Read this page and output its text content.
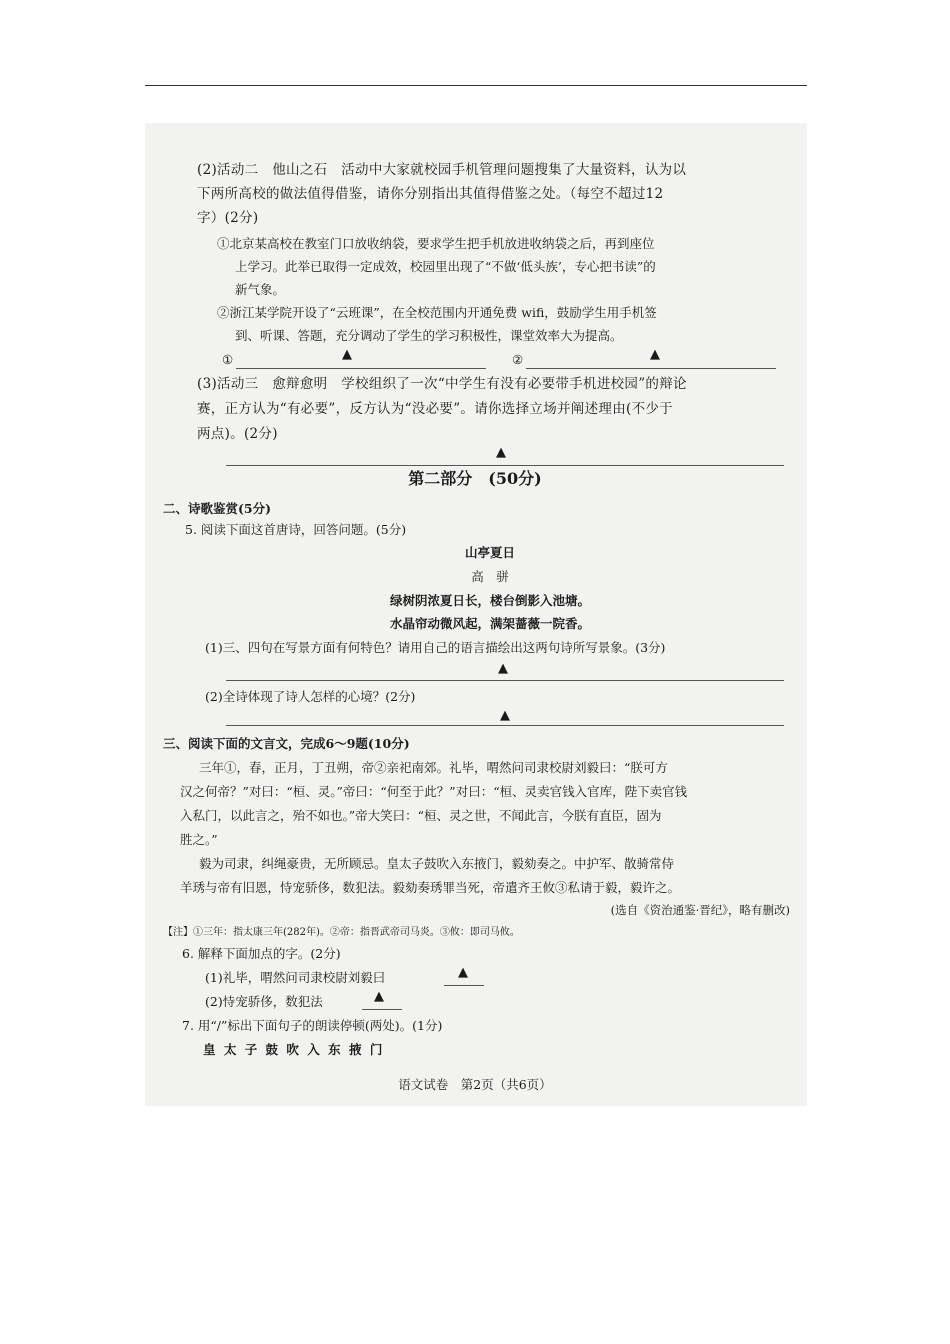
(2)活动二　他山之石　活动中大家就校园手机管理问题搜集了大量资料，认为以
下两所高校的做法值得借鉴，请你分别指出其值得借鉴之处。（每空不超过12
字）(2分)
①北京某高校在教室门口放收纳袋，要求学生把手机放进收纳袋之后，再到座位
上学习。此举已取得一定成效，校园里出现了“不做‘低头族’，专心把书读”的
新气象。
②浙江某学院开设了“云班课”，在全校范围内开通免费 wifi，鼓励学生用手机签
到、听课、答题，充分调动了学生的学习积极性，课堂效率大为提高。
①	▲	②	▲
(3)活动三　愈辩愈明　学校组织了一次“中学生有没有必要带手机进校园”的辩论
赛，正方认为“有必要”，反方认为“没必要”。请你选择立场并阐述理由(不少于
两点)。(2分)
▲
第二部分　(50分)
二、诗歌鉴赏(5分)
5. 阅读下面这首唐诗，回答问题。(5分)
山亭夏日
高　骈
绿树阴浓夏日长，楼台倒影入池塘。
水晶帘动微风起，满架蔷薇一院香。
(1)三、四句在写景方面有何特色？请用自己的语言描绘出这两句诗所写景象。(3分)
▲
(2)全诗体现了诗人怎样的心境？(2分)
▲
三、阅读下面的文言文，完成6～9题(10分)
三年①，春，正月，丁丑朔，帝②亲祀南郊。礼毕，喟然问司隶校尉刘毅曰：“朕可方
汉之何帝？”对曰：“桓、灵。”帝曰：“何至于此？”对曰：“桓、灵卖官钱入官库，陛下卖官钱
入私门，以此言之，殆不如也。”帝大笑曰：“桓、灵之世，不闻此言，今朕有直臣，固为
胜之。”
毅为司隶，纠绳豪贵，无所顾忌。皇太子鼓吹入东掖门，毅劾奏之。中护军、散骑常侍
羊琇与帝有旧恩，恃宠骄侈，数犯法。毅劾奏琇罪当死，帝遣齐王攸③私请于毅，毅许之。
(选自《资治通鉴·晋纪》，略有删改)
【注】①三年：指太康三年(282年)。②帝：指晋武帝司马炎。③攸：即司马攸。
6. 解释下面加点的字。(2分)
(1)礼毕，喟然问司隶校尉刘毅曰	▲
(2)恃宠骄侈，数犯法	▲
7. 用“/”标出下面句子的朗读停顿(两处)。(1分)
皇 太 子 鼓 吹 入 东 掖 门
语文试卷　第2页（共6页）
